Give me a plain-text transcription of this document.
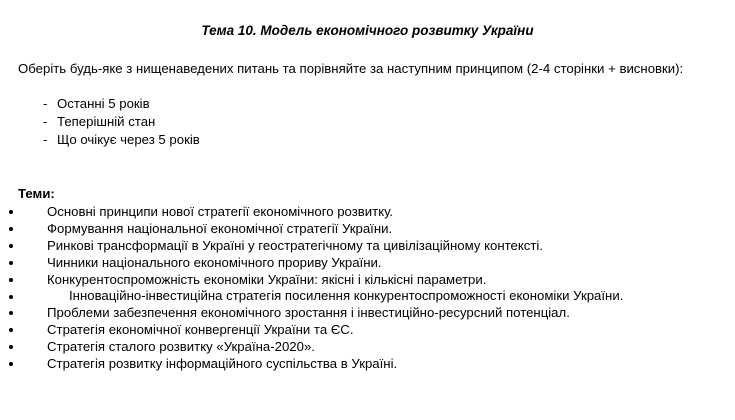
Тема 10. Модель економічного розвитку України
Оберіть будь-яке з нищенаведених питань та порівняйте за наступним принципом (2-4 сторінки + висновки):
- Останні 5 років
- Теперішній стан
- Що очікує через 5 років
Теми:
Основні принципи нової стратегії економічного розвитку.
Формування національної економічної стратегії України.
Ринкові трансформації в Україні у геостратегічному та цивілізаційному контексті.
Чинники національного економічного прориву України.
Конкурентоспроможність економіки України: якісні і кількісні параметри.
Інноваційно-інвестиційна стратегія посилення конкурентоспроможності економіки України.
Проблеми забезпечення економічного зростання і інвестиційно-ресурсний потенціал.
Стратегія економічної конвергенції України та ЄС.
Стратегія сталого розвитку «Україна-2020».
Стратегія розвитку інформаційного суспільства в Україні.
